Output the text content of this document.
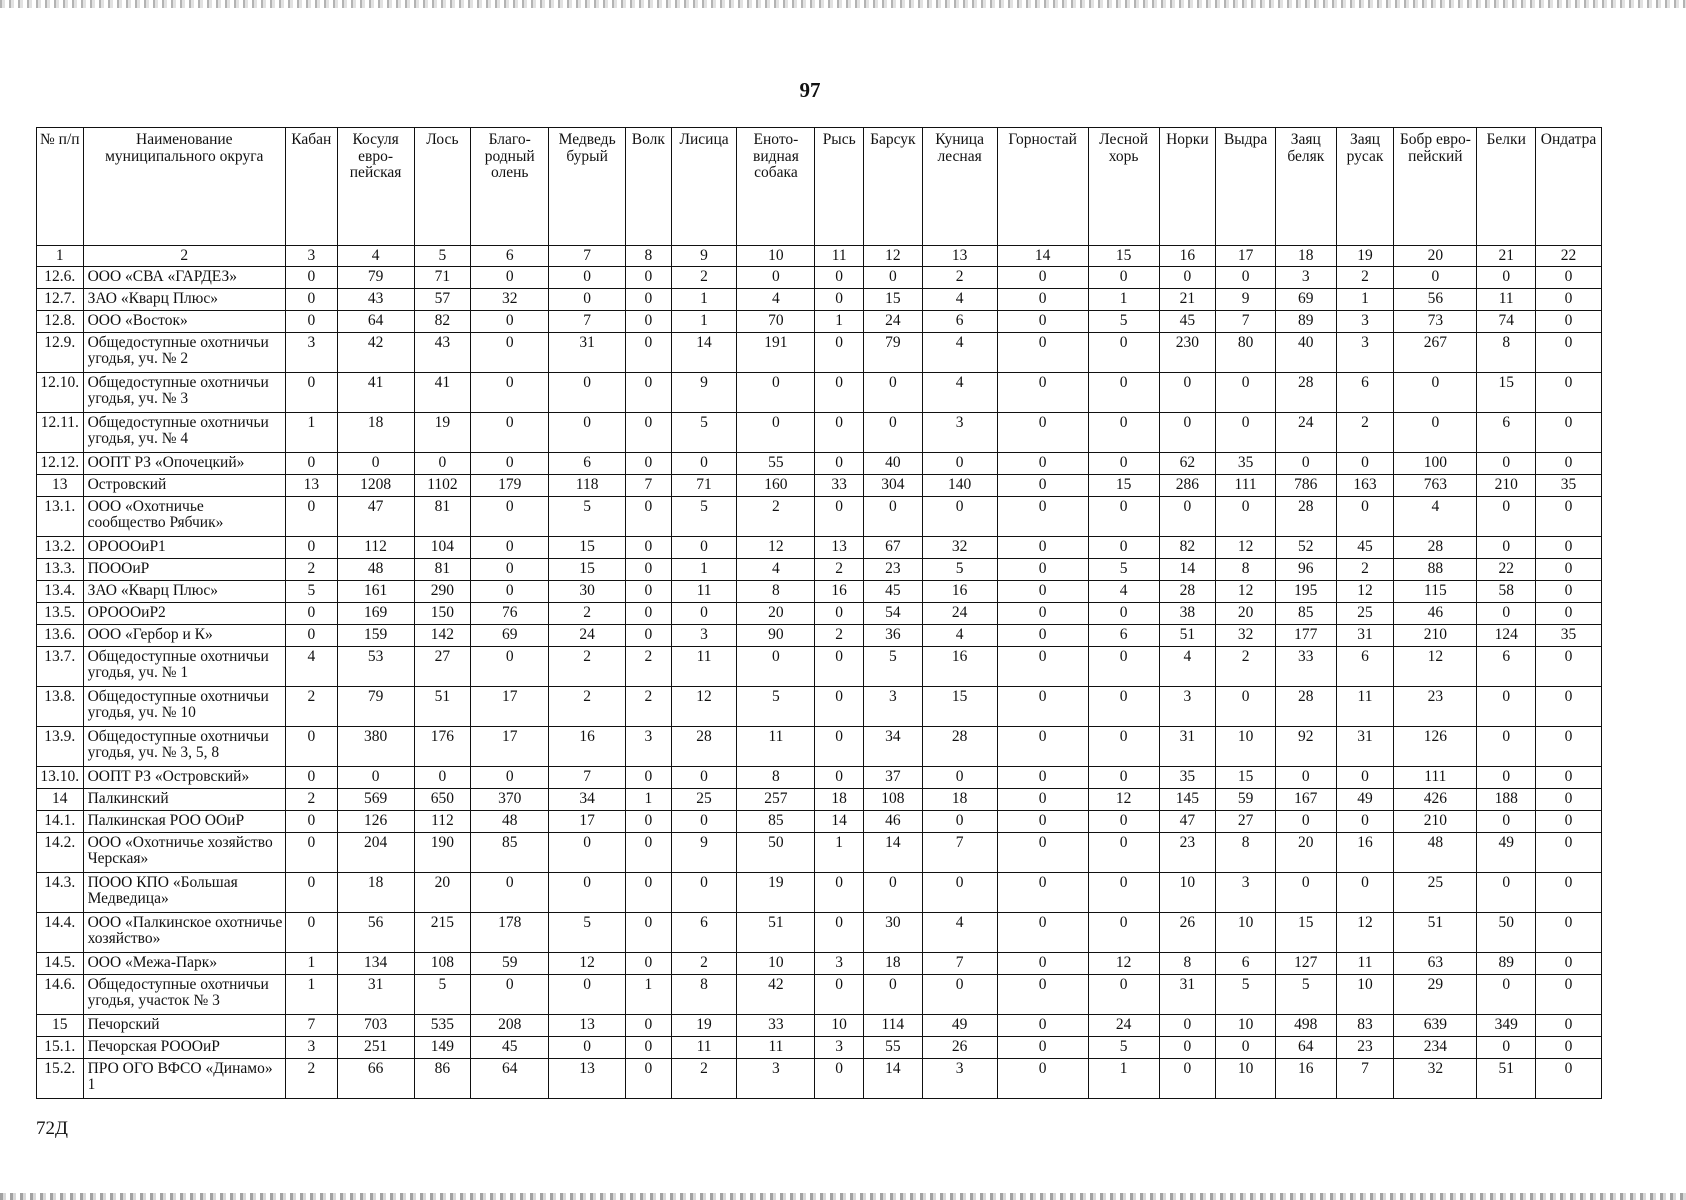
97
№ п/п	Наименование муниципального округа	Кабан	Косуля евро- пейская	Лось	Благо- родный олень	Медведь бурый	Волк	Лисица	Еното- видная собака	Рысь	Барсук	Куница лесная	Горностай	Лесной хорь	Норки	Выдра	Заяц беляк	Заяц русак	Бобр евро- пейский	Белки	Ондатра
1	2	3	4	5	6	7	8	9	10	11	12	13	14	15	16	17	18	19	20	21	22
12.6.	ООО «СВА «ГАРДЕЗ»	0	79	71	0	0	0	2	0	0	0	2	0	0	0	0	3	2	0	0	0
12.7.	ЗАО «Кварц Плюс»	0	43	57	32	0	0	1	4	0	15	4	0	1	21	9	69	1	56	11	0
12.8.	ООО «Восток»	0	64	82	0	7	0	1	70	1	24	6	0	5	45	7	89	3	73	74	0
12.9.	Общедоступные охотничьи угодья, уч. № 2	3	42	43	0	31	0	14	191	0	79	4	0	0	230	80	40	3	267	8	0
12.10.	Общедоступные охотничьи угодья, уч. № 3	0	41	41	0	0	0	9	0	0	0	4	0	0	0	0	28	6	0	15	0
12.11.	Общедоступные охотничьи угодья, уч. № 4	1	18	19	0	0	0	5	0	0	0	3	0	0	0	0	24	2	0	6	0
12.12.	ООПТ РЗ «Опочецкий»	0	0	0	0	6	0	0	55	0	40	0	0	0	62	35	0	0	100	0	0
13	Островский	13	1208	1102	179	118	7	71	160	33	304	140	0	15	286	111	786	163	763	210	35
13.1.	ООО «Охотничье сообщество Рябчик»	0	47	81	0	5	0	5	2	0	0	0	0	0	0	0	28	0	4	0	0
13.2.	ОРОООиР1	0	112	104	0	15	0	0	12	13	67	32	0	0	82	12	52	45	28	0	0
13.3.	ПОООиР	2	48	81	0	15	0	1	4	2	23	5	0	5	14	8	96	2	88	22	0
13.4.	ЗАО «Кварц Плюс»	5	161	290	0	30	0	11	8	16	45	16	0	4	28	12	195	12	115	58	0
13.5.	ОРОООиР2	0	169	150	76	2	0	0	20	0	54	24	0	0	38	20	85	25	46	0	0
13.6.	ООО «Гербор и К»	0	159	142	69	24	0	3	90	2	36	4	0	6	51	32	177	31	210	124	35
13.7.	Общедоступные охотничьи угодья, уч. № 1	4	53	27	0	2	2	11	0	0	5	16	0	0	4	2	33	6	12	6	0
13.8.	Общедоступные охотничьи угодья, уч. № 10	2	79	51	17	2	2	12	5	0	3	15	0	0	3	0	28	11	23	0	0
13.9.	Общедоступные охотничьи угодья, уч. № 3, 5, 8	0	380	176	17	16	3	28	11	0	34	28	0	0	31	10	92	31	126	0	0
13.10.	ООПТ РЗ «Островский»	0	0	0	0	7	0	0	8	0	37	0	0	0	35	15	0	0	111	0	0
14	Палкинский	2	569	650	370	34	1	25	257	18	108	18	0	12	145	59	167	49	426	188	0
14.1.	Палкинская РОО ООиР	0	126	112	48	17	0	0	85	14	46	0	0	0	47	27	0	0	210	0	0
14.2.	ООО «Охотничье хозяйство Черская»	0	204	190	85	0	0	9	50	1	14	7	0	0	23	8	20	16	48	49	0
14.3.	ПООО КПО «Большая Медведица»	0	18	20	0	0	0	0	19	0	0	0	0	0	10	3	0	0	25	0	0
14.4.	ООО «Палкинское охотничье хозяйство»	0	56	215	178	5	0	6	51	0	30	4	0	0	26	10	15	12	51	50	0
14.5.	ООО «Межа-Парк»	1	134	108	59	12	0	2	10	3	18	7	0	12	8	6	127	11	63	89	0
14.6.	Общедоступные охотничьи угодья, участок № 3	1	31	5	0	0	1	8	42	0	0	0	0	0	31	5	5	10	29	0	0
15	Печорский	7	703	535	208	13	0	19	33	10	114	49	0	24	0	10	498	83	639	349	0
15.1.	Печорская РОООиР	3	251	149	45	0	0	11	11	3	55	26	0	5	0	0	64	23	234	0	0
15.2.	ПРО ОГО ВФСО «Динамо» 1	2	66	86	64	13	0	2	3	0	14	3	0	1	0	10	16	7	32	51	0
72Д
